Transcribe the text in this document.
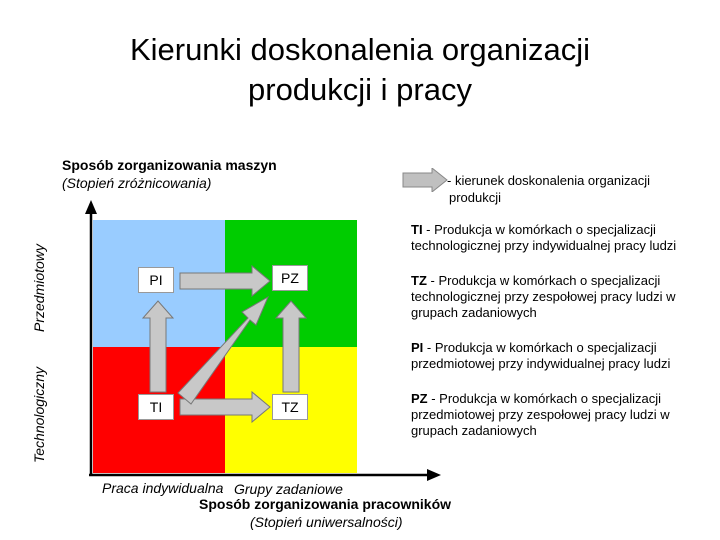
Kierunki doskonalenia organizacji
produkcji i pracy
Sposób zorganizowania maszyn
(Stopień zróżnicowania)	- kierunek doskonalenia organizacji
produkcji
Technologiczny
Przedmiotowy	PI	PZ
TI	TZ
TI - Produkcja w komórkach o specjalizacji
technologicznej przy indywidualnej pracy ludzi
TZ - Produkcja w komórkach o specjalizacji
technologicznej przy zespołowej pracy ludzi w
grupach zadaniowych
PI - Produkcja w komórkach o specjalizacji
przedmiotowej przy indywidualnej pracy ludzi
PZ - Produkcja w komórkach o specjalizacji
przedmiotowej przy zespołowej pracy ludzi w
grupach zadaniowych
Praca indywidualna Grupy zadaniowe
Sposób zorganizowania pracowników
(Stopień uniwersalności)
